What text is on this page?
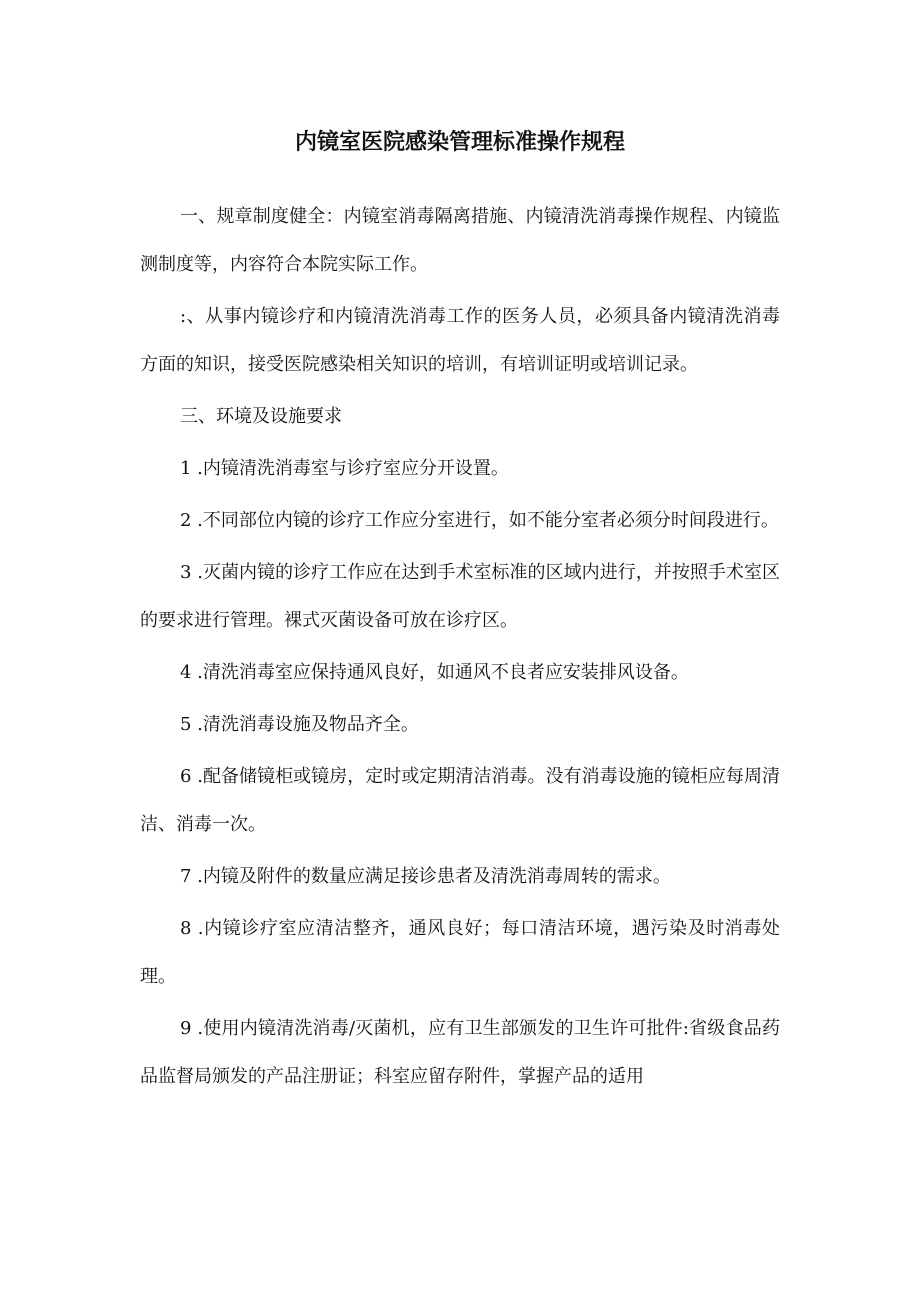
内镜室医院感染管理标准操作规程

一、规章制度健全：内镜室消毒隔离措施、内镜清洗消毒操作规程、内镜监测制度等，内容符合本院实际工作。

:、从事内镜诊疗和内镜清洗消毒工作的医务人员，必须具备内镜清洗消毒方面的知识，接受医院感染相关知识的培训，有培训证明或培训记录。

三、环境及设施要求

1 .内镜清洗消毒室与诊疗室应分开设置。

2 .不同部位内镜的诊疗工作应分室进行，如不能分室者必须分时间段进行。

3 .灭菌内镜的诊疗工作应在达到手术室标准的区域内进行，并按照手术室区的要求进行管理。裸式灭菌设备可放在诊疗区。

4 .清洗消毒室应保持通风良好，如通风不良者应安装排风设备。

5 .清洗消毒设施及物品齐全。

6 .配备储镜柜或镜房，定时或定期清洁消毒。没有消毒设施的镜柜应每周清洁、消毒一次。

7 .内镜及附件的数量应满足接诊患者及清洗消毒周转的需求。

8 .内镜诊疗室应清洁整齐，通风良好；每口清洁环境，遇污染及时消毒处理。

9 .使用内镜清洗消毒/灭菌机，应有卫生部颁发的卫生许可批件:省级食品药品监督局颁发的产品注册证；科室应留存附件，掌握产品的适用
